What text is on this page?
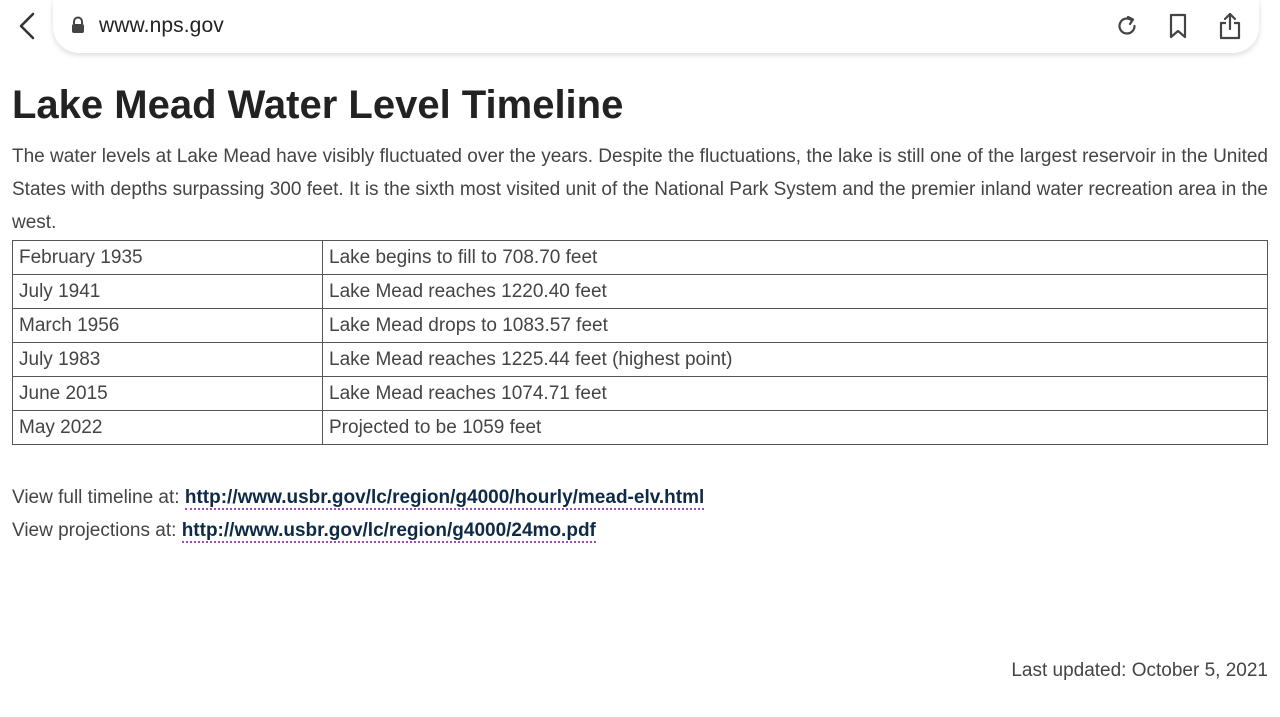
www.nps.gov
Lake Mead Water Level Timeline

The water levels at Lake Mead have visibly fluctuated over the years. Despite the fluctuations, the lake is still one of the largest reservoir in the United States with depths surpassing 300 feet. It is the sixth most visited unit of the National Park System and the premier inland water recreation area in the west.

February 1935	Lake begins to fill to 708.70 feet
July 1941	Lake Mead reaches 1220.40 feet
March 1956	Lake Mead drops to 1083.57 feet
July 1983	Lake Mead reaches 1225.44 feet (highest point)
June 2015	Lake Mead reaches 1074.71 feet
May 2022	Projected to be 1059 feet
View full timeline at: http://www.usbr.gov/lc/region/g4000/hourly/mead-elv.html
View projections at: http://www.usbr.gov/lc/region/g4000/24mo.pdf
Last updated: October 5, 2021
